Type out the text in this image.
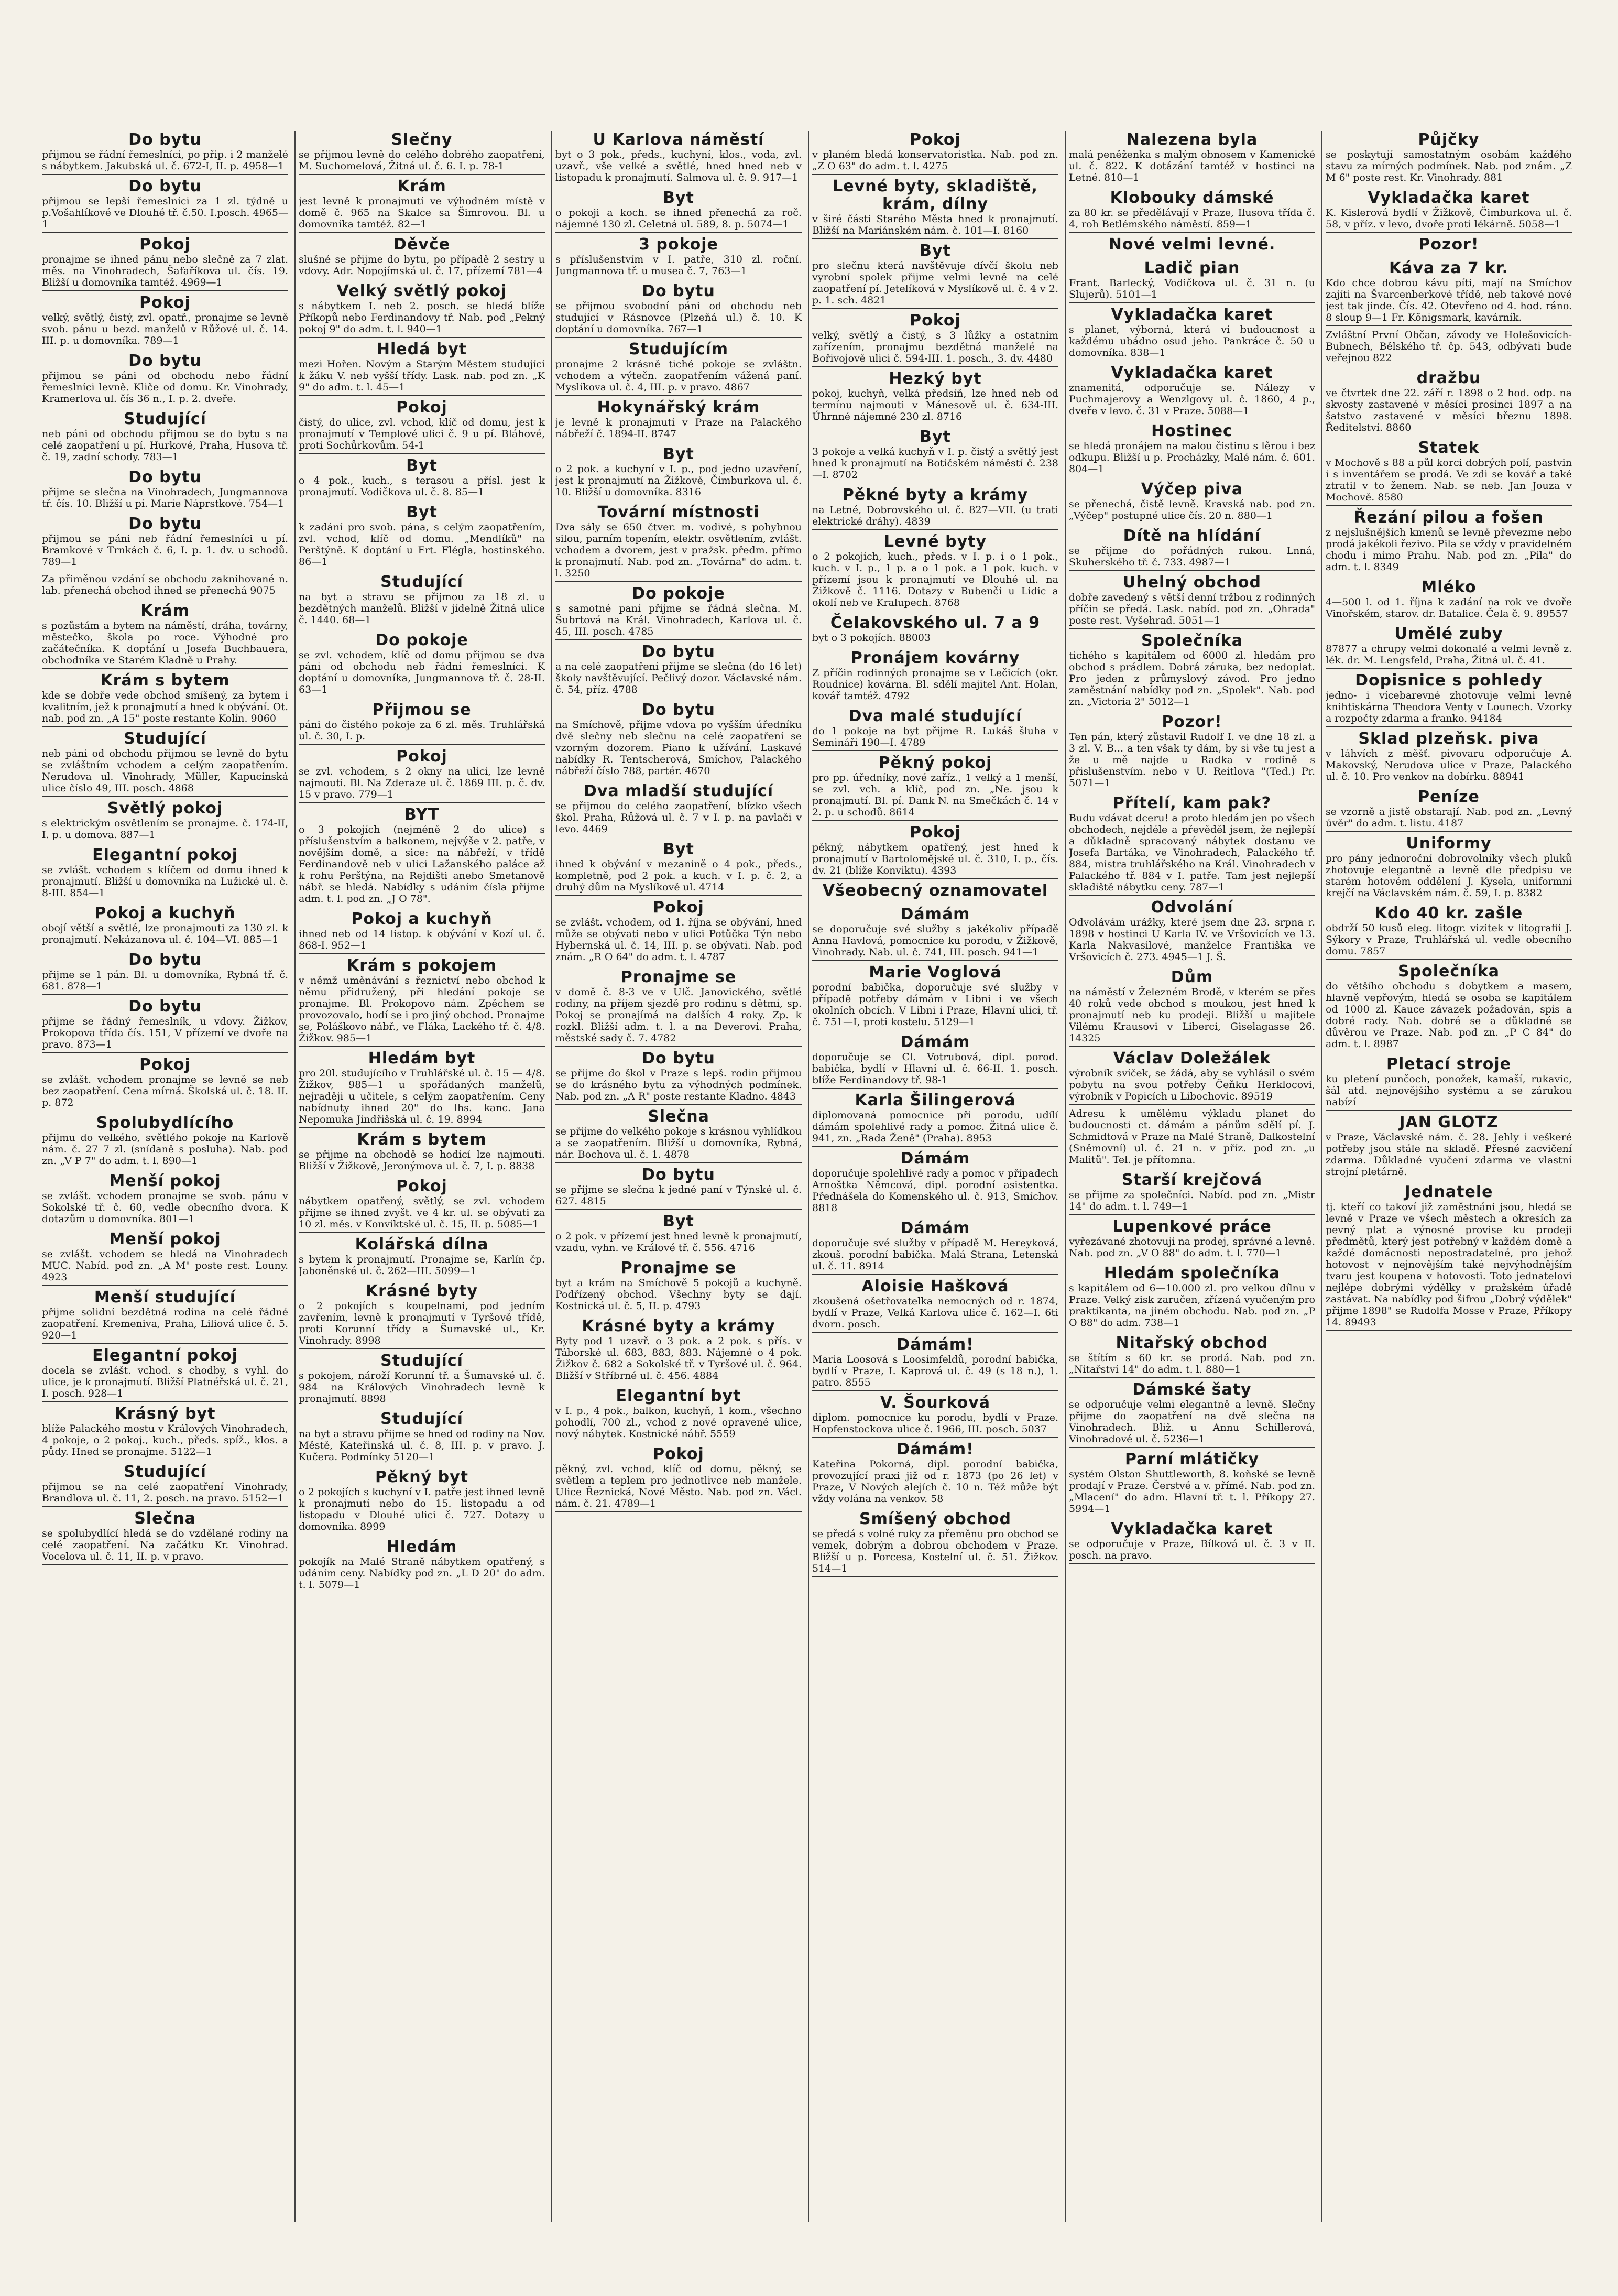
Do bytu

přijmou se řádní řemeslníci, po přip. i 2 manželé s nábytkem. Jakubská ul. č. 672-I, II. p. 4958—1

Do bytu

přijmou se lepší řemeslníci za 1 zl. týdně u p.Vošahlíkové ve Dlouhé tř. č.50. I.posch. 4965—1

Pokoj

pronajme se ihned pánu nebo slečně za 7 zlat. měs. na Vinohradech, Šafaříkova ul. čís. 19. Bližší u domovníka tamtéž. 4969—1

Pokoj

velký, světlý, čistý, zvl. opatř., pronajme se levně svob. pánu u bezd. manželů v Růžové ul. č. 14. III. p. u domovníka. 789—1

Do bytu

přijmou se páni od obchodu nebo řádní řemeslníci levně. Kliče od domu. Kr. Vinohrady, Kramerlova ul. čís 36 n., I. p. 2. dveře.

Studující

neb páni od obchodu přijmou se do bytu s na celé zaopatření u pí. Hurkové, Praha, Husova tř. č. 19, zadní schody. 783—1

Do bytu

přijme se slečna na Vinohradech, Jungmannova tř. čís. 10. Bližší u pí. Marie Náprstkové. 754—1

Do bytu

přijmou se páni neb řádní řemeslníci u pí. Bramkové v Trnkách č. 6, I. p. 1. dv. u schodů. 789—1

Za přiměnou vzdání se obchodu zaknihované n. lab. přenechá obchod ihned se přenechá 9075

Krám

s pozůstám a bytem na náměstí, dráha, továrny, městečko, škola po roce. Výhodné pro začátečníka. K doptání u Josefa Buchbauera, obchodníka ve Starém Kladně u Prahy.

Krám s bytem

kde se dobře vede obchod smíšený, za bytem i kvalitním, jež k pronajmutí a hned k obývání. Ot. nab. pod zn. „A 15" poste restante Kolín. 9060

Studující

neb páni od obchodu přijmou se levně do bytu se zvláštním vchodem a celým zaopatřením. Nerudova ul. Vinohrady, Müller, Kapucínská ulice číslo 49, III. posch. 4868

Světlý pokoj

s elektrickým osvětlením se pronajme. č. 174-II, I. p. u domova. 887—1

Elegantní pokoj

se zvlášt. vchodem s klíčem od domu ihned k pronajmutí. Bližší u domovníka na Lužické ul. č. 8-III. 854—1

Pokoj a kuchyň

obojí větší a světlé, lze pronajmouti za 130 zl. k pronajmutí. Nekázanova ul. č. 104—VI. 885—1

Do bytu

přijme se 1 pán. Bl. u domovníka, Rybná tř. č. 681. 878—1

Do bytu

přijme se řádný řemeslník, u vdovy. Žižkov, Prokopova třída čís. 151, V přízemí ve dvoře na pravo. 873—1

Pokoj

se zvlášt. vchodem pronajme se levně se neb bez zaopatření. Cena mírná. Školská ul. č. 18. II. p. 872

Spolubydlícího

přijmu do velkého, světlého pokoje na Karlově nám. č. 27 7 zl. (snídaně s posluha). Nab. pod zn. „V P 7" do adm. t. l. 890—1

Menší pokoj

se zvlášt. vchodem pronajme se svob. pánu v Sokolské tř. č. 60, vedle obecního dvora. K dotazům u domovníka. 801—1

Menší pokoj

se zvlášt. vchodem se hledá na Vinohradech MUC. Nabíd. pod zn. „A M" poste rest. Louny. 4923

Menší studující

přijme solidní bezdětná rodina na celé řádné zaopatření. Kremeniva, Praha, Liliová ulice č. 5. 920—1

Elegantní pokoj

docela se zvlášt. vchod. s chodby, s vyhl. do ulice, je k pronajmutí. Bližší Platnéřská ul. č. 21, I. posch. 928—1

Krásný byt

blíže Palackého mostu v Králových Vinohradech, 4 pokoje, o 2 pokoj., kuch., předs. spíž., klos. a půdy. Hned se pronajme. 5122—1

Studující

přijmou se na celé zaopatření Vinohrady, Brandlova ul. č. 11, 2. posch. na pravo. 5152—1

Slečna

se spolubydlící hledá se do vzdělané rodiny na celé zaopatření. Na začátku Kr. Vinohrad. Vocelova ul. č. 11, II. p. v pravo.

Slečny

se přijmou levně do celého dobrého zaopatření, M. Suchomelová, Žitná ul. č. 6. I. p. 78-1

Krám

jest levně k pronajmutí ve výhodném místě v domě č. 965 na Skalce sa Šimrovou. Bl. u domovníka tamtéž. 82—1

Děvče

slušné se přijme do bytu, po případě 2 sestry u vdovy. Adr. Nopojímská ul. č. 17, přízemí 781—4

Velký světlý pokoj

s nábytkem I. neb 2. posch. se hledá blíže Příkopů nebo Ferdinandovy tř. Nab. pod „Pekný pokoj 9" do adm. t. l. 940—1

Hledá byt

mezi Hořen. Novým a Starým Městem studující k žáku V. neb vyšší třídy. Lask. nab. pod zn. „K 9" do adm. t. l. 45—1

Pokoj

čistý, do ulice, zvl. vchod, klíč od domu, jest k pronajmutí v Templové ulici č. 9 u pí. Bláhové, proti Sochůrkovům. 54-1

Byt

o 4 pok., kuch., s terasou a přísl. jest k pronajmutí. Vodičkova ul. č. 8. 85—1

Byt

k zadání pro svob. pána, s celým zaopatřením, zvl. vchod, klíč od domu. „Mendlíků" na Perštýně. K doptání u Frt. Flégla, hostinského. 86—1

Studující

na byt a stravu se přijmou za 18 zl. u bezdětných manželů. Bližší v jídelně Žitná ulice č. 1440. 68—1

Do pokoje

se zvl. vchodem, klíč od domu přijmou se dva páni od obchodu neb řádní řemeslníci. K doptání u domovníka, Jungmannova tř. č. 28-II. 63—1

Přijmou se

páni do čistého pokoje za 6 zl. měs. Truhlářská ul. č. 30, I. p.

Pokoj

se zvl. vchodem, s 2 okny na ulici, lze levně najmouti. Bl. Na Zderaze ul. č. 1869 III. p. č. dv. 15 v pravo. 779—1

BYT

o 3 pokojích (nejméně 2 do ulice) s příslušenstvím a balkonem, nejvýše v 2. patře, v novějším domě, a sice: na nábřeží, v třídě Ferdinandově neb v ulici Lažanského paláce až k rohu Perštýna, na Rejdišti anebo Smetanově nábř. se hledá. Nabídky s udáním čísla přijme adm. t. l. pod zn. „J O 78".

Pokoj a kuchyň

ihned neb od 14 listop. k obývání v Kozí ul. č. 868-I. 952—1

Krám s pokojem

v němž uměnávání s řeznictví nebo obchod k němu přidružený, při hledání pokoje se pronajme. Bl. Prokopovo nám. Zpěchem se provozovalo, hodí se i pro jiný obchod. Pronajme se, Poláškovo nábř., ve Fláka, Lackého tř. č. 4/8. Žižkov. 985—1

Hledám byt

pro 20l. studujícího v Truhlářské ul. č. 15 — 4/8. Žižkov, 985—1 u spořádaných manželů, nejraději u učitele, s celým zaopatřením. Ceny nabídnuty ihned 20" do lhs. kanc. Jana Nepomuka Jindřišská ul. č. 19. 8994

Krám s bytem

se přijme na obchodě se hodící lze najmouti. Bližší v Žižkově, Jeronýmova ul. č. 7, I. p. 8838

Pokoj

nábytkem opatřený, světlý, se zvl. vchodem přijme se ihned zvyšt. ve 4 kr. ul. se obývati za 10 zl. měs. v Konviktské ul. č. 15, II. p. 5085—1

Kolářská dílna

s bytem k pronajmutí. Pronajme se, Karlín čp. Jaboněnské ul. č. 262—III. 5099—1

Krásné byty

o 2 pokojích s koupelnami, pod jedním zavřením, levně k pronajmutí v Tyršově třídě, proti Korunní třídy a Šumavské ul., Kr. Vinohrady. 8998

Studující

s pokojem, nároží Korunní tř. a Šumavské ul. č. 984 na Králových Vinohradech levně k pronajmutí. 8898

Studující

na byt a stravu přijme se hned od rodiny na Nov. Městě, Kateřinská ul. č. 8, III. p. v pravo. J. Kučera. Podmínky 5120—1

Pěkný byt

o 2 pokojích s kuchyní v I. patře jest ihned levně k pronajmutí nebo do 15. listopadu a od listopadu v Dlouhé ulici č. 727. Dotazy u domovníka. 8999

Hledám

pokojík na Malé Straně nábytkem opatřený, s udáním ceny. Nabídky pod zn. „L D 20" do adm. t. l. 5079—1

U Karlova náměstí

byt o 3 pok., předs., kuchyní, klos., voda, zvl. uzavř., vše velké a světlé, hned hned neb v listopadu k pronajmutí. Salmova ul. č. 9. 917—1

Byt

o pokoji a koch. se ihned přenechá za roč. nájemné 130 zl. Celetná ul. 589, 8. p. 5074—1

3 pokoje

s příslušenstvím v I. patře, 310 zl. roční. Jungmannova tř. u musea č. 7, 763—1

Do bytu

se přijmou svobodní páni od obchodu neb studující v Rásnovce (Plzeňá ul.) č. 10. K doptání u domovníka. 767—1

Studujícím

pronajme 2 krásně tiché pokoje se zvláštn. vchodem a výtečn. zaopatřením vážená paní. Myslíkova ul. č. 4, III. p. v pravo. 4867

Hokynářský krám

je levně k pronajmutí v Praze na Palackého nábřeží č. 1894-II. 8747

Byt

o 2 pok. a kuchyní v I. p., pod jedno uzavření, jest k pronajmutí na Žižkově, Čimburkova ul. č. 10. Bližší u domovníka. 8316

Tovární místnosti

Dva sály se 650 čtver. m. vodivé, s pohybnou silou, parním topením, elektr. osvětlením, zvlášt. vchodem a dvorem, jest v pražsk. předm. přímo k pronajmutí. Nab. pod zn. „Továrna" do adm. t. l. 3250

Do pokoje

s samotné paní přijme se řádná slečna. M. Šubrtová na Král. Vinohradech, Karlova ul. č. 45, III. posch. 4785

Do bytu

a na celé zaopatření přijme se slečna (do 16 let) školy navštěvující. Pečlivý dozor. Václavské nám. č. 54, příz. 4788

Do bytu

na Smíchově, přijme vdova po vyšším úředníku dvě slečny neb slečnu na celé zaopatření se vzorným dozorem. Piano k užívání. Laskavé nabídky R. Tentscherová, Smíchov, Palackého nábřeží číslo 788, partér. 4670

Dva mladší studující

se přijmou do celého zaopatření, blízko všech škol. Praha, Růžová ul. č. 7 v I. p. na pavlači v levo. 4469

Byt

ihned k obývání v mezanině o 4 pok., předs., kompletně, pod 2 pok. a kuch. v I. p. č. 2, a druhý dům na Myslíkově ul. 4714

Pokoj

se zvlášt. vchodem, od 1. října se obývání, hned může se obývati nebo v ulici Potůčka Týn nebo Hybernská ul. č. 14, III. p. se obývati. Nab. pod znám. „R O 64" do adm. t. l. 4787

Pronajme se

v domě č. 8-3 ve v Ulč. Janovického, světlé rodiny, na příjem sjezdě pro rodinu s dětmi, sp. Pokoj se pronajímá na dalších 4 roky. Zp. k rozkl. Bližší adm. t. l. a na Deverovi. Praha, městské sady č. 7. 4782

Do bytu

se přijme do škol v Praze s lepš. rodin přijmou se do krásného bytu za výhodných podmínek. Nab. pod zn. „A R" poste restante Kladno. 4843

Slečna

se přijme do velkého pokoje s krásnou vyhlídkou a se zaopatřením. Bližší u domovníka, Rybná, nár. Bochova ul. č. 1. 4878

Do bytu

se přijme se slečna k jedné paní v Týnské ul. č. 627. 4815

Byt

o 2 pok. v přízemí jest hned levně k pronajmutí, vzadu, vyhn. ve Králové tř. č. 556. 4716

Pronajme se

byt a krám na Smíchově 5 pokojů a kuchyně. Podřízený obchod. Všechny byty se dají. Kostnická ul. č. 5, II. p. 4793

Krásné byty a krámy

Byty pod 1 uzavř. o 3 pok. a 2 pok. s přís. v Táborské ul. 683, 883, 883. Nájemné o 4 pok. Žižkov č. 682 a Sokolské tř. v Tyršové ul. č. 964. Bližší v Stříbrné ul. č. 456. 4884

Elegantní byt

v I. p., 4 pok., balkon, kuchyň, 1 kom., všechno pohodlí, 700 zl., vchod z nové opravené ulice, nový nábytek. Kostnické nábř. 5559

Pokoj

pěkný, zvl. vchod, klíč od domu, pěkný, se světlem a teplem pro jednotlivce neb manžele. Ulice Řeznická, Nové Město. Nab. pod zn. Václ. nám. č. 21. 4789—1

Pokoj

v planém bledá konservatoristka. Nab. pod zn. „Z O 63" do adm. t. l. 4275

Levné byty, skladiště, krám, dílny

v širé části Starého Města hned k pronajmutí. Bližší na Mariánském nám. č. 101—I. 8160

Byt

pro slečnu která navštěvuje dívčí školu neb vyrobní spolek přijme velmi levně na celé zaopatření pí. Jetelíková v Myslíkově ul. č. 4 v 2. p. 1. sch. 4821

Pokoj

velký, světlý a čistý, s 3 lůžky a ostatním zařízením, pronajmu bezdětná manželé na Bořivojově ulici č. 594-III. 1. posch., 3. dv. 4480

Hezký byt

pokoj, kuchyň, velká předsíň, lze hned neb od termínu najmouti v Mánesově ul. č. 634-III. Úhrnné nájemné 230 zl. 8716

Byt

3 pokoje a velká kuchyň v I. p. čistý a světlý jest hned k pronajmutí na Botičském náměstí č. 238—I. 8702

Pěkné byty a krámy

na Letné, Dobrovského ul. č. 827—VII. (u trati elektrické dráhy). 4839

Levné byty

o 2 pokojích, kuch., předs. v I. p. i o 1 pok., kuch. v I. p., 1 p. a o 1 pok. a 1 pok. kuch. v přízemí jsou k pronajmutí ve Dlouhé ul. na Žižkově č. 1116. Dotazy v Bubenči u Lidic a okolí neb ve Kralupech. 8768

Čelakovského ul. 7 a 9

byt o 3 pokojích. 88003

Pronájem kovárny

Z příčin rodinných pronajme se v Lečicích (okr. Roudnice) kovárna. Bl. sdělí majitel Ant. Holan, kovář tamtéž. 4792

Dva malé studující

do 1 pokoje na byt přijme R. Lukáš šluha v Semináři 190—I. 4789

Pěkný pokoj

pro pp. úředníky, nové zaříz., 1 velký a 1 menší, se zvl. vch. a klíč, pod zn. „Ne. jsou k pronajmutí. Bl. pí. Dank N. na Smečkách č. 14 v 2. p. u schodů. 8614

Pokoj

pěkný, nábytkem opatřený, jest hned k pronajmutí v Bartolomějské ul. č. 310, I. p., čís. dv. 21 (blíže Konviktu). 4393

Všeobecný oznamovatel
Dámám

se doporučuje své služby s jakékoliv případě Anna Havlová, pomocnice ku porodu, v Žižkově, Vinohrady. Nab. ul. č. 741, III. posch. 941—1

Marie Voglová

porodní babička, doporučuje své služby v případě potřeby dámám v Libni i ve všech okolních obcích. V Libni i Praze, Hlavní ulici, tř. č. 751—I, proti kostelu. 5129—1

Dámám

doporučuje se Cl. Votrubová, dipl. porod. babička, bydlí v Hlavní ul. č. 66-II. 1. posch. blíže Ferdinandovy tř. 98-1

Karla Šilingerová

diplomovaná pomocnice při porodu, udílí dámám spolehlivé rady a pomoc. Žitná ulice č. 941, zn. „Rada Ženě" (Praha). 8953

Dámám

doporučuje spolehlivé rady a pomoc v případech Arnoštka Němcová, dipl. porodní asistentka. Přednášela do Komenského ul. č. 913, Smíchov. 8818

Dámám

doporučuje své služby v případě M. Hereyková, zkouš. porodní babička. Malá Strana, Letenská ul. č. 11. 8914

Aloisie Hašková

zkoušená ošetřovatelka nemocných od r. 1874, bydlí v Praze, Velká Karlova ulice č. 162—I. 6ti dvorn. posch.

Dámám!

Maria Loosová s Loosimfeldů, porodní babička, bydlí v Praze, I. Kaprová ul. č. 49 (s 18 n.), 1. patro. 8555

V. Šourková

diplom. pomocnice ku porodu, bydlí v Praze. Hopfenstockova ulice č. 1966, III. posch. 5037

Dámám!

Kateřina Pokorná, dipl. porodní babička, provozující praxi již od r. 1873 (po 26 let) v Praze, V Nových alejích č. 10 n. Též může být vždy volána na venkov. 58

Smíšený obchod

se předá s volné ruky za přeměnu pro obchod se vemek, dobrým a dobrou obchodem v Praze. Bližší u p. Porcesa, Kostelní ul. č. 51. Žižkov. 514—1

Nalezena byla

malá peněženka s malým obnosem v Kamenické ul. č. 822. K dotázání tamtéž v hostinci na Letné. 810—1

Klobouky dámské

za 80 kr. se předělávají v Praze, Ilusova třída č. 4, roh Betlémského náměstí. 859—1

Nové velmi levné.
Ladič pian

Frant. Barlecký, Vodičkova ul. č. 31 n. (u Slujerů). 5101—1

Vykladačka karet

s planet, výborná, která ví budoucnost a každému ubádno osud jeho. Pankráce č. 50 u domovníka. 838—1

Vykladačka karet

znamenitá, odporučuje se. Nálezy v Puchmajerovy a Wenzlgovy ul. č. 1860, 4 p., dveře v levo. č. 31 v Praze. 5088—1

Hostinec

se hledá pronájem na malou čistinu s lěrou i bez odkupu. Bližší u p. Procházky, Malé nám. č. 601. 804—1

Výčep piva

se přenechá, čistě levně. Kravská nab. pod zn. „Výčep" postupné ulice čís. 20 n. 880—1

Dítě na hlídání

se přijme do pořádných rukou. Lnná, Skuherského tř. č. 733. 4987—1

Uhelný obchod

dobře zavedený s větší denní tržbou z rodinných příčin se předá. Lask. nabíd. pod zn. „Ohrada" poste rest. Vyšehrad. 5051—1

Společníka

tichého s kapitálem od 6000 zl. hledám pro obchod s prádlem. Dobrá záruka, bez nedoplat. Pro jeden z průmyslový závod. Pro jedno zaměstnání nabídky pod zn. „Spolek". Nab. pod zn. „Victoria 2" 5012—1

Pozor!

Ten pán, který zůstavil Rudolf I. ve dne 18 zl. a 3 zl. V. B... a ten však ty dám, by si vše tu jest a že u mě najde u Radka v rodině s přislušenstvím. nebo v U. Reitlova "(Ted.) Pr. 5071—1

Přítelí, kam pak?

Budu vdávat dceru! a proto hledám jen po všech obchodech, nejdéle a převěděl jsem, že nejlepší a důkladně spracovaný nábytek dostanu ve Josefa Bartáka, ve Vinohradech, Palackého tř. 884, mistra truhlářského na Král. Vinohradech v Palackého tř. 884 v I. patře. Tam jest nejlepší skladiště nábytku ceny. 787—1

Odvolání

Odvolávám urážky, které jsem dne 23. srpna r. 1898 v hostinci U Karla IV. ve Vršovicích ve 13. Karla Nakvasilové, manželce Františka ve Vršovicích č. 273. 4945—1 J. Š.

Dům

na náměstí v Železném Brodě, v kterém se přes 40 roků vede obchod s moukou, jest hned k pronajmutí neb ku prodeji. Bližší u majitele Vilému Krausovi v Liberci, Giselagasse 26. 14325

Václav Doležálek

výrobník svíček, se žádá, aby se vyhlásil o svém pobytu na svou potřeby Čeňku Herklocovi, výrobník v Popicích u Libochovic. 89519

Adresu k umělému výkladu planet do budoucnosti ct. dámám a pánům sdělí pí. J. Schmidtová v Praze na Malé Straně, Dalkostelní (Sněmovní) ul. č. 21 n. v příz. pod zn. „u Malitů". Tel. je přítomna.

Starší krejčová

se přijme za společníci. Nabíd. pod zn. „Mistr 14" do adm. t. l. 749—1

Lupenkové práce

vyřezávané zhotovuji na prodej, správné a levně. Nab. pod zn. „V O 88" do adm. t. l. 770—1

Hledám společníka

s kapitálem od 6—10.000 zl. pro velkou dílnu v Praze. Velký zisk zaručen, zřízená vyučeným pro praktikanta, na jiném obchodu. Nab. pod zn. „P O 88" do adm. 738—1

Nitařský obchod

se štítím s 60 kr. se prodá. Nab. pod zn. „Nitařství 14" do adm. t. l. 880—1

Dámské šaty

se odporučuje velmi elegantně a levně. Slečny přijme do zaopatření na dvě slečna na Vinohradech. Bliž. u Annu Schillerová, Vinohradové ul. č. 5236—1

Parní mlátičky

systém Olston Shuttleworth, 8. koňské se levně prodají v Praze. Čerstvé a v. přímé. Nab. pod zn. „Mlacení" do adm. Hlavní tř. t. l. Příkopy 27. 5994—1

Vykladačka karet

se odporučuje v Praze, Bílková ul. č. 3 v II. posch. na pravo.

Půjčky

se poskytují samostatným osobám každého stavu za mírných podmínek. Nab. pod znám. „Z M 6" poste rest. Kr. Vinohrady. 881

Vykladačka karet

K. Kislerová bydlí v Žižkově, Čimburkova ul. č. 58, v příz. v levo, dvoře proti lékárně. 5058—1

Pozor!
Káva za 7 kr.

Kdo chce dobrou kávu píti, mají na Smíchov zajíti na Švarcenberkové třídě, neb takové nové jest tak jinde. Čís. 42. Otevřeno od 4. hod. ráno. 8 sloup 9—1 Fr. Königsmark, kavárník.

Zvláštní První Občan, závody ve Holešovicích-Bubnech, Bělského tř. čp. 543, odbývati bude veřejnou 822

dražbu

ve čtvrtek dne 22. září r. 1898 o 2 hod. odp. na skvosty zastavené v měsíci prosinci 1897 a na šatstvo zastavené v měsíci březnu 1898. Ředitelství. 8860

Statek

v Mochově s 88 a půl korci dobrých polí, pastvin i s inventářem se prodá. Ve zdi se kovář a také ztratil v to ženem. Nab. se neb. Jan Jouza v Mochově. 8580

Řezání pilou a fošen

z nejslušnějších kmenů se levně převezme nebo prodá jakékoli řezivo. Pila se vždy v pravidelném chodu i mimo Prahu. Nab. pod zn. „Pila" do adm. t. l. 8349

Mléko

4—500 l. od 1. října k zadání na rok ve dvoře Vinořském, starov. dr. Batalice. Čela č. 9. 89557

Umělé zuby

87877 a chrupy velmi dokonalé a velmi levně z. lék. dr. M. Lengsfeld, Praha, Žitná ul. č. 41.

Dopisnice s pohledy

jedno- i vícebarevné zhotovuje velmi levně knihtiskárna Theodora Venty v Lounech. Vzorky a rozpočty zdarma a franko. 94184

Sklad plzeňsk. piva

v láhvích z měšť. pivovaru odporučuje A. Makovský, Nerudova ulice v Praze, Palackého ul. č. 10. Pro venkov na dobírku. 88941

Peníze

se vzorně a jistě obstarají. Nab. pod zn. „Levný úvěr" do adm. t. listu. 4187

Uniformy

pro pány jednoroční dobrovolníky všech pluků zhotovuje elegantně a levně dle předpisu ve starém hotovém oddělení J. Kysela, uniformní krejčí na Václavském nám. č. 59, I. p. 8382

Kdo 40 kr. zašle

obdrží 50 kusů eleg. litogr. vizitek v litografii J. Sýkory v Praze, Truhlářská ul. vedle obecního domu. 7857

Společníka

do většího obchodu s dobytkem a masem, hlavně vepřovým, hledá se osoba se kapitálem od 1000 zl. Kauce závazek požadován, spis a dobré rady. Nab. dobré se a důkladné se důvěrou ve Praze. Nab. pod zn. „P C 84" do adm. t. l. 8987

Pletací stroje

ku pletení punčoch, ponožek, kamaší, rukavic, šál atd. nejnovějšího systému a se zárukou nabízí

JAN GLOTZ

v Praze, Václavské nám. č. 28. Jehly i veškeré potřeby jsou stále na skladě. Přesné zacvičení zdarma. Důkladné vyučení zdarma ve vlastní strojní pletárně.

Jednatele

tj. kteří co takoví již zaměstnáni jsou, hledá se levně v Praze ve všech městech a okresích za pevný plat a výnosné provise ku prodeji předmětů, který jest potřebný v každém domě a každé domácnosti nepostradatelné, pro jehož hotovost v nejnovějším také nejvýhodnějším tvaru jest koupena v hotovosti. Toto jednatelovi nejlépe dobrými výdělky v pražském úřadě zastávat. Na nabídky pod šifrou „Dobrý výdělek" přijme 1898" se Rudolfa Mosse v Praze, Příkopy 14. 89493
